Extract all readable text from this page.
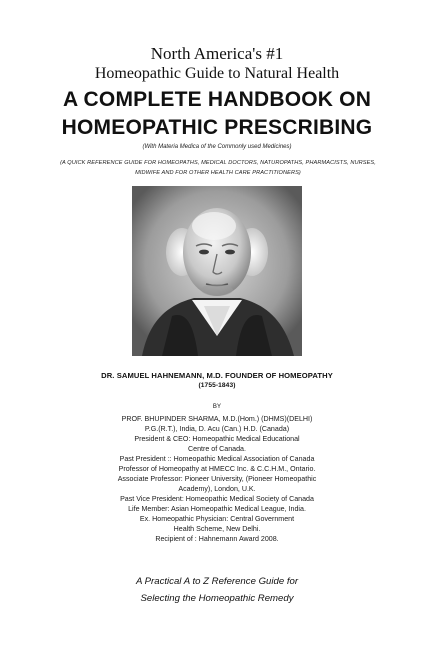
North America's #1
Homeopathic Guide to Natural Health
A COMPLETE HANDBOOK ON
HOMEOPATHIC PRESCRIBING
(With Materia Medica of the Commonly used Medicines)
(A QUICK REFERENCE GUIDE FOR HOMEOPATHS, MEDICAL DOCTORS, NATUROPATHS, PHARMACISTS, NURSES,
MIDWIFE AND FOR OTHER HEALTH CARE PRACTITIONERS)
DR. SAMUEL HAHNEMANN, M.D. FOUNDER OF HOMEOPATHY
(1755-1843)
BY
PROF. BHUPINDER SHARMA, M.D.(Hom.) (DHMS)(DELHI)
P.G.(R.T.), India, D. Acu (Can.) H.D. (Canada)
President & CEO: Homeopathic Medical Educational
Centre of Canada.
Past President :: Homeopathic Medical Association of Canada
Professor of Homeopathy at HMECC Inc. & C.C.H.M., Ontario.
Associate Professor: Pioneer University, (Pioneer Homeopathic
Academy), London, U.K.
Past Vice President: Homeopathic Medical Society of Canada
Life Member: Asian Homeopathic Medical League, India.
Ex. Homeopathic Physician: Central Government
Health Scheme, New Delhi.
Recipient of : Hahnemann Award 2008.
A Practical A to Z Reference Guide for
Selecting the Homeopathic Remedy
